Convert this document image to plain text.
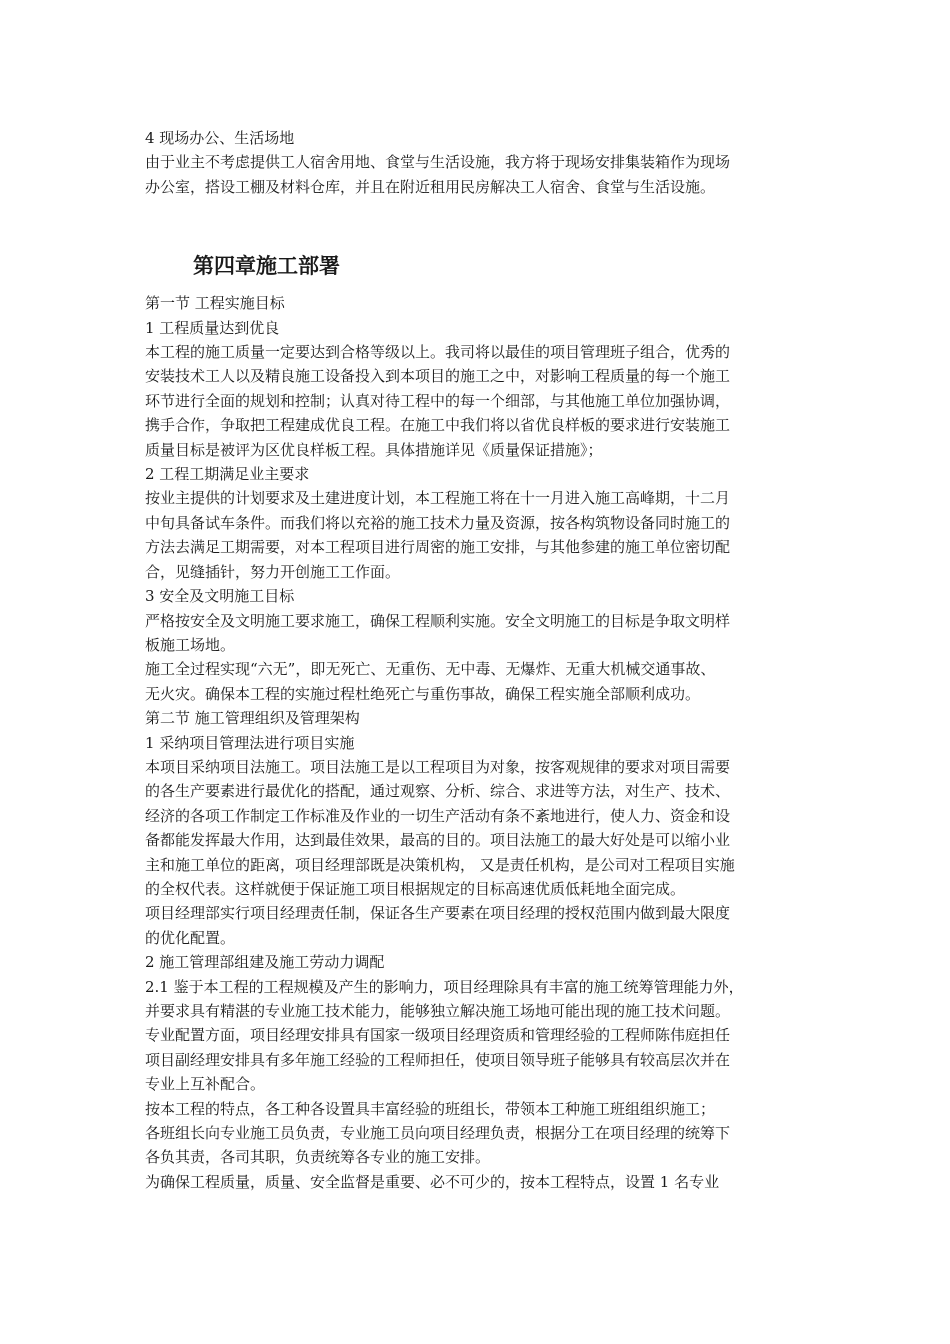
4 现场办公、生活场地

由于业主不考虑提供工人宿舍用地、食堂与生活设施，我方将于现场安排集装箱作为现场

办公室，搭设工棚及材料仓库，并且在附近租用民房解决工人宿舍、食堂与生活设施。

第四章施工部署

第一节 工程实施目标

1 工程质量达到优良

本工程的施工质量一定要达到合格等级以上。我司将以最佳的项目管理班子组合，优秀的

安装技术工人以及精良施工设备投入到本项目的施工之中，对影响工程质量的每一个施工

环节进行全面的规划和控制；认真对待工程中的每一个细部，与其他施工单位加强协调，

携手合作，争取把工程建成优良工程。在施工中我们将以省优良样板的要求进行安装施工

质量目标是被评为区优良样板工程。具体措施详见《质量保证措施》；

2 工程工期满足业主要求

按业主提供的计划要求及土建进度计划，本工程施工将在十一月进入施工高峰期，十二月

中旬具备试车条件。而我们将以充裕的施工技术力量及资源，按各构筑物设备同时施工的

方法去满足工期需要，对本工程项目进行周密的施工安排，与其他参建的施工单位密切配

合，见缝插针，努力开创施工工作面。

3 安全及文明施工目标

严格按安全及文明施工要求施工，确保工程顺利实施。安全文明施工的目标是争取文明样

板施工场地。

施工全过程实现“六无”，即无死亡、无重伤、无中毒、无爆炸、无重大机械交通事故、

无火灾。确保本工程的实施过程杜绝死亡与重伤事故，确保工程实施全部顺利成功。

第二节 施工管理组织及管理架构

1 采纳项目管理法进行项目实施

本项目采纳项目法施工。项目法施工是以工程项目为对象，按客观规律的要求对项目需要

的各生产要素进行最优化的搭配，通过观察、分析、综合、求进等方法，对生产、技术、

经济的各项工作制定工作标准及作业的一切生产活动有条不紊地进行，使人力、资金和设

备都能发挥最大作用，达到最佳效果，最高的目的。项目法施工的最大好处是可以缩小业

主和施工单位的距离，项目经理部既是决策机构， 又是责任机构，是公司对工程项目实施

的全权代表。这样就便于保证施工项目根据规定的目标高速优质低耗地全面完成。

项目经理部实行项目经理责任制，保证各生产要素在项目经理的授权范围内做到最大限度

的优化配置。

2 施工管理部组建及施工劳动力调配

2.1 鉴于本工程的工程规模及产生的影响力，项目经理除具有丰富的施工统筹管理能力外，

并要求具有精湛的专业施工技术能力，能够独立解决施工场地可能出现的施工技术问题。

专业配置方面，项目经理安排具有国家一级项目经理资质和管理经验的工程师陈伟庭担任

项目副经理安排具有多年施工经验的工程师担任，使项目领导班子能够具有较高层次并在

专业上互补配合。

按本工程的特点，各工种各设置具丰富经验的班组长，带领本工种施工班组组织施工；

各班组长向专业施工员负责，专业施工员向项目经理负责，根据分工在项目经理的统筹下

各负其责，各司其职，负责统筹各专业的施工安排。

为确保工程质量，质量、安全监督是重要、必不可少的，按本工程特点，设置 1 名专业
